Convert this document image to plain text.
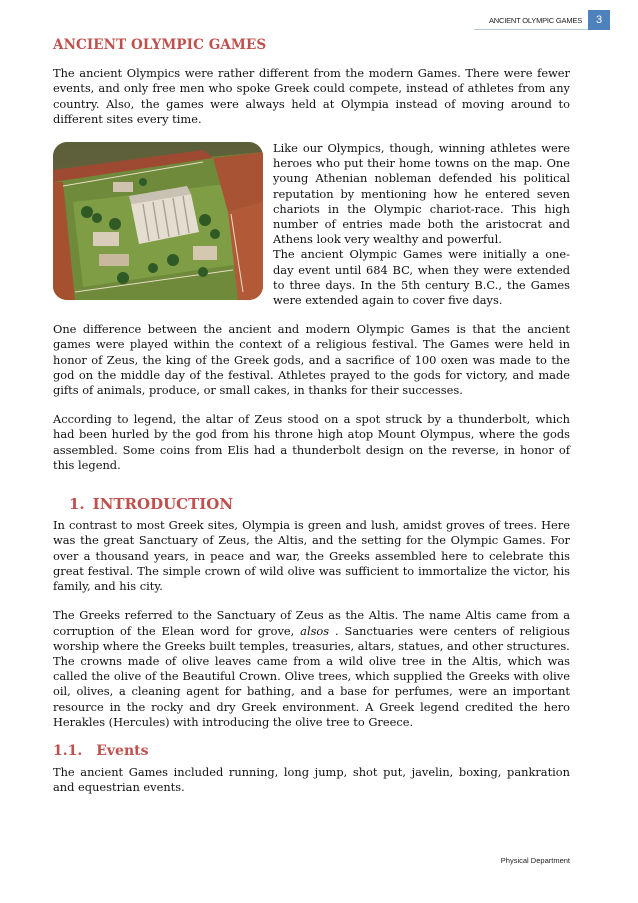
ANCIENT OLYMPIC GAMES	3
ANCIENT OLYMPIC GAMES

The ancient Olympics were rather different from the modern Games. There were fewer events, and only free men who spoke Greek could compete, instead of athletes from any country. Also, the games were always held at Olympia instead of moving around to different sites every time.

Like our Olympics, though, winning athletes were heroes who put their home towns on the map. One young Athenian nobleman defended his political reputation by mentioning how he entered seven chariots in the Olympic chariot-race. This high number of entries made both the aristocrat and Athens look very wealthy and powerful.

The ancient Olympic Games were initially a one-day event until 684 BC, when they were extended to three days. In the 5th century B.C., the Games were extended again to cover five days.

One difference between the ancient and modern Olympic Games is that the ancient games were played within the context of a religious festival. The Games were held in honor of Zeus, the king of the Greek gods, and a sacrifice of 100 oxen was made to the god on the middle day of the festival. Athletes prayed to the gods for victory, and made gifts of animals, produce, or small cakes, in thanks for their successes.

According to legend, the altar of Zeus stood on a spot struck by a thunderbolt, which had been hurled by the god from his throne high atop Mount Olympus, where the gods assembled. Some coins from Elis had a thunderbolt design on the reverse, in honor of this legend.

1. INTRODUCTION

In contrast to most Greek sites, Olympia is green and lush, amidst groves of trees. Here was the great Sanctuary of Zeus, the Altis, and the setting for the Olympic Games. For over a thousand years, in peace and war, the Greeks assembled here to celebrate this great festival. The simple crown of wild olive was sufficient to immortalize the victor, his family, and his city.

The Greeks referred to the Sanctuary of Zeus as the Altis. The name Altis came from a corruption of the Elean word for grove, alsos . Sanctuaries were centers of religious worship where the Greeks built temples, treasuries, altars, statues, and other structures.

The crowns made of olive leaves came from a wild olive tree in the Altis, which was called the olive of the Beautiful Crown. Olive trees, which supplied the Greeks with olive oil, olives, a cleaning agent for bathing, and a base for perfumes, were an important resource in the rocky and dry Greek environment. A Greek legend credited the hero Herakles (Hercules) with introducing the olive tree to Greece.

1.1. Events

The ancient Games included running, long jump, shot put, javelin, boxing, pankration and equestrian events.

Physical Department
